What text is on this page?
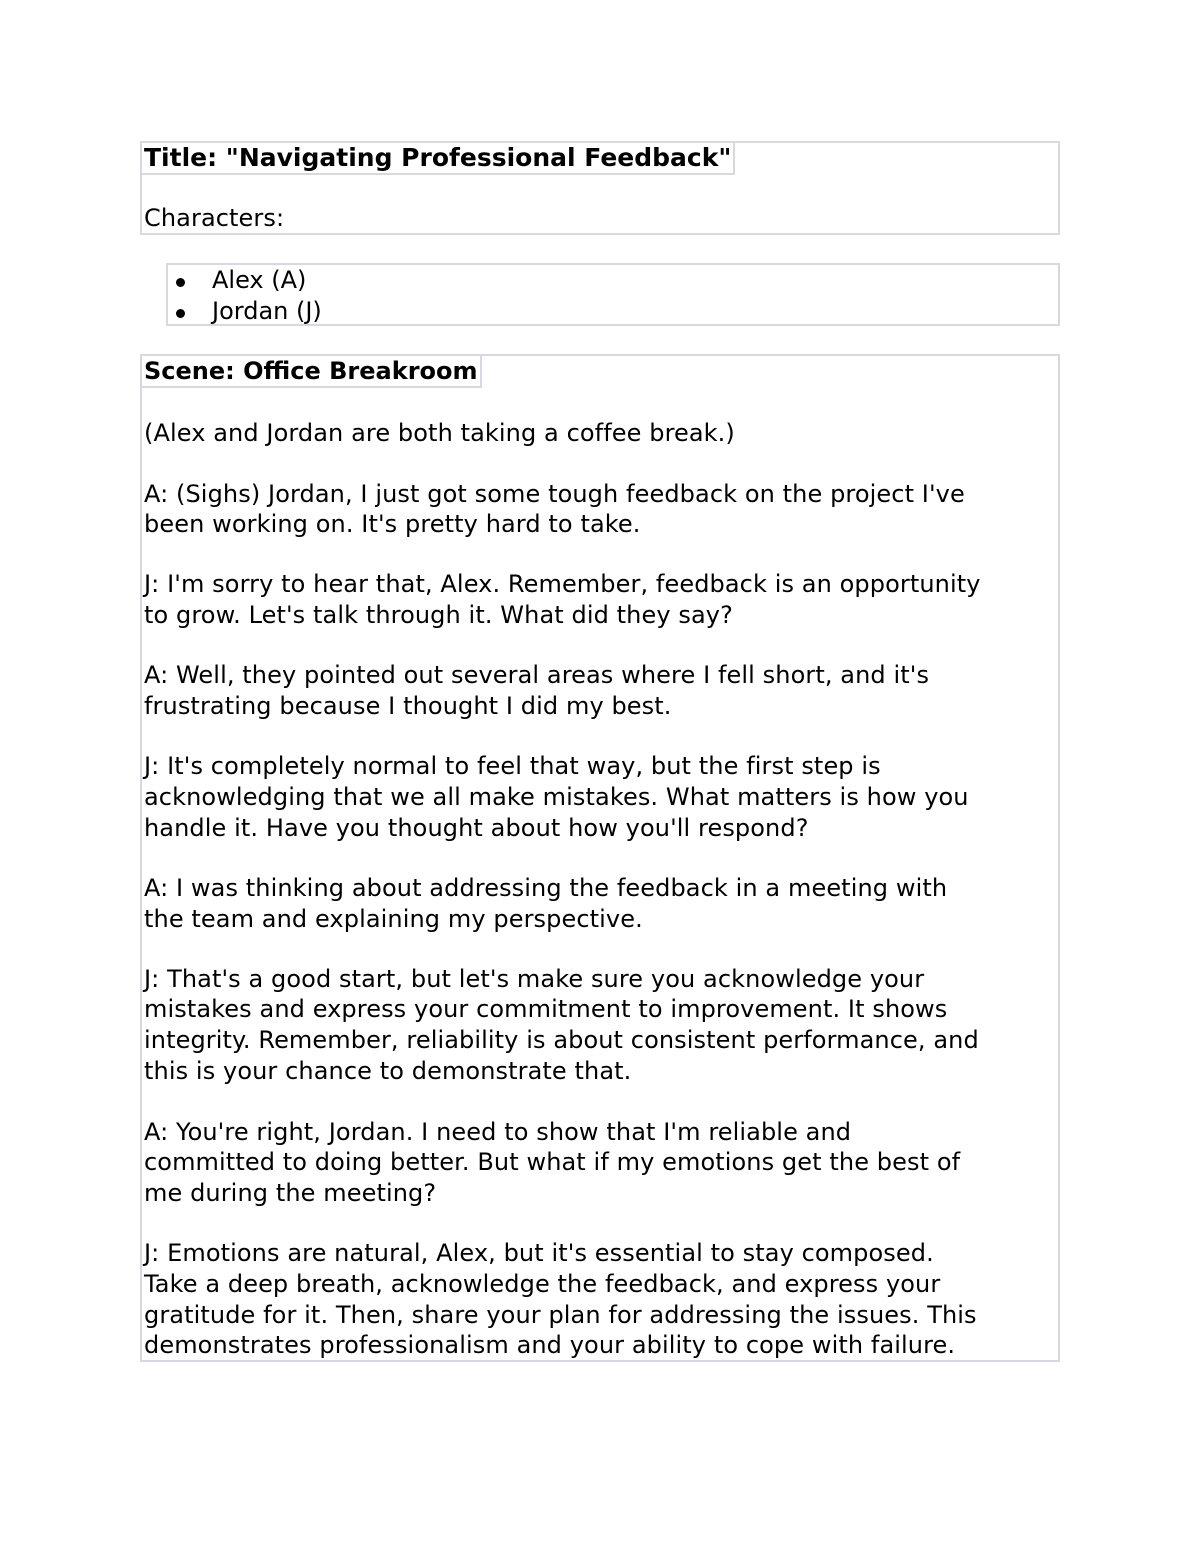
Title: "Navigating Professional Feedback"
Characters:
Alex (A)
Jordan (J)
Scene: Office Breakroom
(Alex and Jordan are both taking a coffee break.)
A: (Sighs) Jordan, I just got some tough feedback on the project I've
been working on. It's pretty hard to take.
J: I'm sorry to hear that, Alex. Remember, feedback is an opportunity
to grow. Let's talk through it. What did they say?
A: Well, they pointed out several areas where I fell short, and it's
frustrating because I thought I did my best.
J: It's completely normal to feel that way, but the first step is
acknowledging that we all make mistakes. What matters is how you
handle it. Have you thought about how you'll respond?
A: I was thinking about addressing the feedback in a meeting with
the team and explaining my perspective.
J: That's a good start, but let's make sure you acknowledge your
mistakes and express your commitment to improvement. It shows
integrity. Remember, reliability is about consistent performance, and
this is your chance to demonstrate that.
A: You're right, Jordan. I need to show that I'm reliable and
committed to doing better. But what if my emotions get the best of
me during the meeting?
J: Emotions are natural, Alex, but it's essential to stay composed.
Take a deep breath, acknowledge the feedback, and express your
gratitude for it. Then, share your plan for addressing the issues. This
demonstrates professionalism and your ability to cope with failure.
